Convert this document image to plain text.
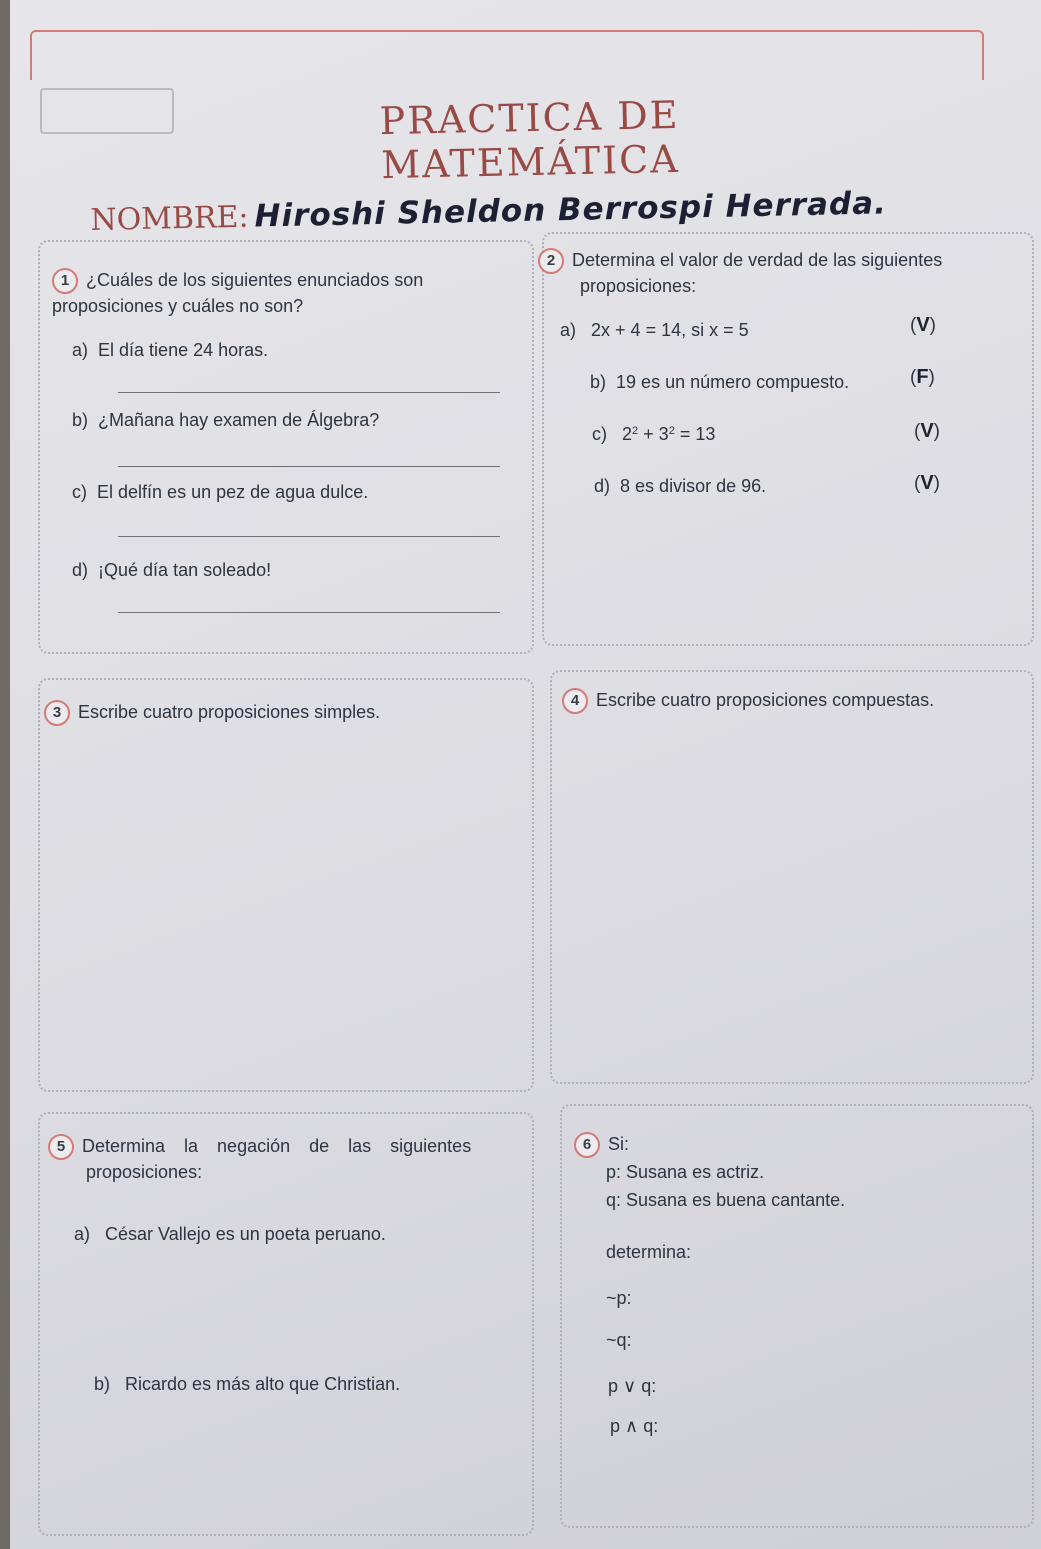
PRACTICA DE MATEMÁTICA
NOMBRE: Hiroshi Sheldon Berrospi Herrada.
1 ¿Cuáles de los siguientes enunciados son proposiciones y cuáles no son?
a) El día tiene 24 horas.
b) ¿Mañana hay examen de Álgebra?
c) El delfín es un pez de agua dulce.
d) ¡Qué día tan soleado!
2 Determina el valor de verdad de las siguientes
proposiciones:
a) 2x + 4 = 14, si x = 5	(V)
b) 19 es un número compuesto.	(F)
c) $2^2 + 3^2 = 13$	(V)
d) 8 es divisor de 96.	(V)
3 Escribe cuatro proposiciones simples.
4 Escribe cuatro proposiciones compuestas.
5 Determina la negación de las siguientes
proposiciones:
a) César Vallejo es un poeta peruano.
b) Ricardo es más alto que Christian.
6 Si:
p: Susana es actriz.
q: Susana es buena cantante.
determina:
~p:
~q:
p ∨ q:
p ∧ q:
